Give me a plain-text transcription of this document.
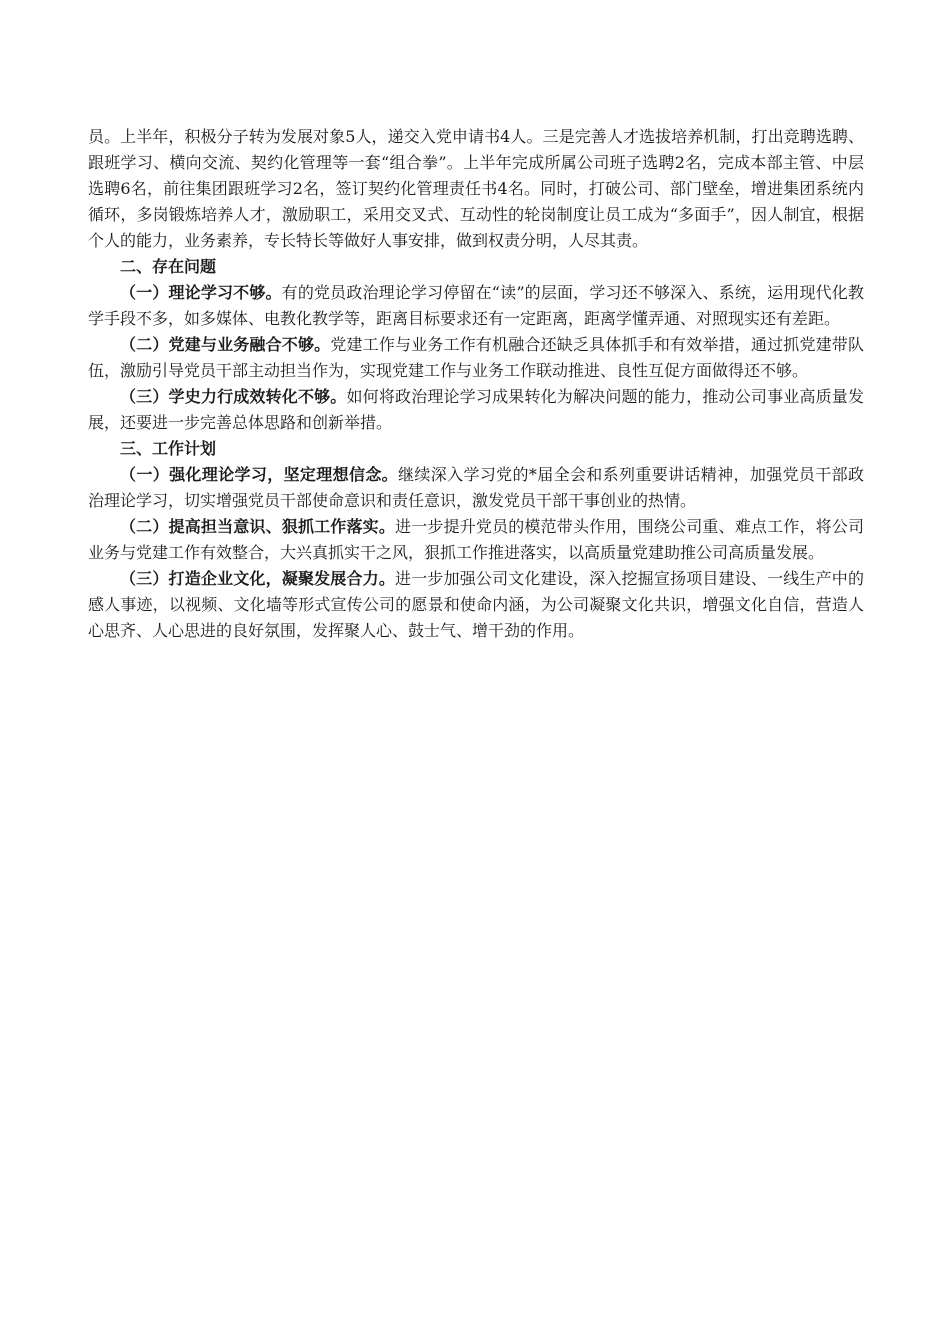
员。上半年，积极分子转为发展对象5人，递交入党申请书4人。三是完善人才选拔培养机制，打出竞聘选聘、跟班学习、横向交流、契约化管理等一套“组合拳”。上半年完成所属公司班子选聘2名，完成本部主管、中层选聘6名，前往集团跟班学习2名，签订契约化管理责任书4名。同时，打破公司、部门壁垒，增进集团系统内循环，多岗锻炼培养人才，激励职工，采用交叉式、互动性的轮岗制度让员工成为“多面手”，因人制宜，根据个人的能力，业务素养，专长特长等做好人事安排，做到权责分明，人尽其责。

二、存在问题

（一）理论学习不够。有的党员政治理论学习停留在“读”的层面，学习还不够深入、系统，运用现代化教学手段不多，如多媒体、电教化教学等，距离目标要求还有一定距离，距离学懂弄通、对照现实还有差距。

（二）党建与业务融合不够。党建工作与业务工作有机融合还缺乏具体抓手和有效举措，通过抓党建带队伍，激励引导党员干部主动担当作为，实现党建工作与业务工作联动推进、良性互促方面做得还不够。

（三）学史力行成效转化不够。如何将政治理论学习成果转化为解决问题的能力，推动公司事业高质量发展，还要进一步完善总体思路和创新举措。

三、工作计划

（一）强化理论学习，坚定理想信念。继续深入学习党的*届全会和系列重要讲话精神，加强党员干部政治理论学习，切实增强党员干部使命意识和责任意识，激发党员干部干事创业的热情。

（二）提高担当意识、狠抓工作落实。进一步提升党员的模范带头作用，围绕公司重、难点工作，将公司业务与党建工作有效整合，大兴真抓实干之风，狠抓工作推进落实，以高质量党建助推公司高质量发展。

（三）打造企业文化，凝聚发展合力。进一步加强公司文化建设，深入挖掘宣扬项目建设、一线生产中的感人事迹，以视频、文化墙等形式宣传公司的愿景和使命内涵，为公司凝聚文化共识，增强文化自信，营造人心思齐、人心思进的良好氛围，发挥聚人心、鼓士气、增干劲的作用。
